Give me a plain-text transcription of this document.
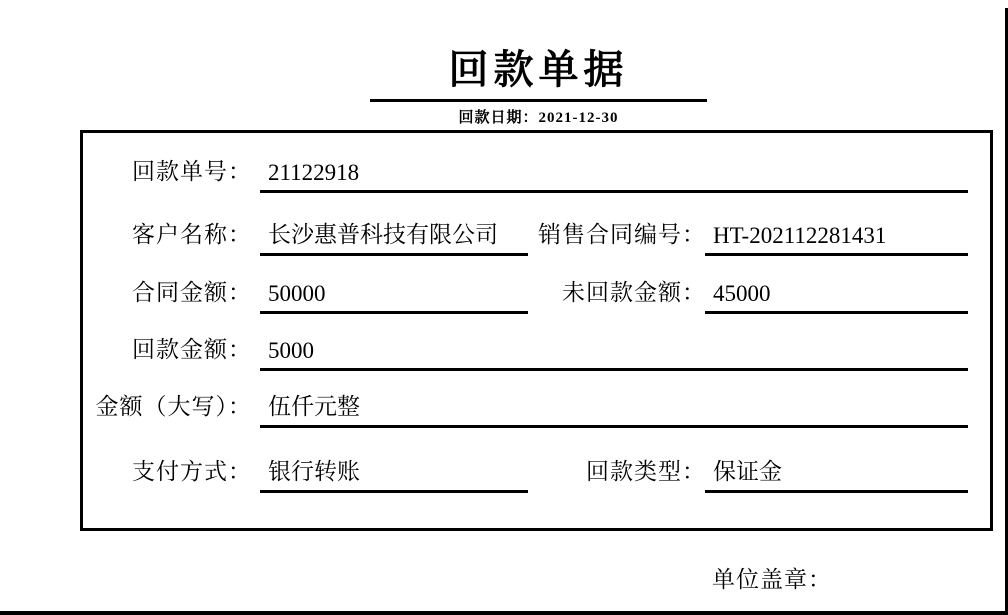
回款单据
回款日期：2021-12-30
回款单号： 21122918
客户名称： 长沙惠普科技有限公司	销售合同编号： HT-202112281431
合同金额： 50000	未回款金额： 45000
回款金额： 5000
金额（大写）： 伍仟元整
支付方式： 银行转账	回款类型： 保证金
单位盖章：
